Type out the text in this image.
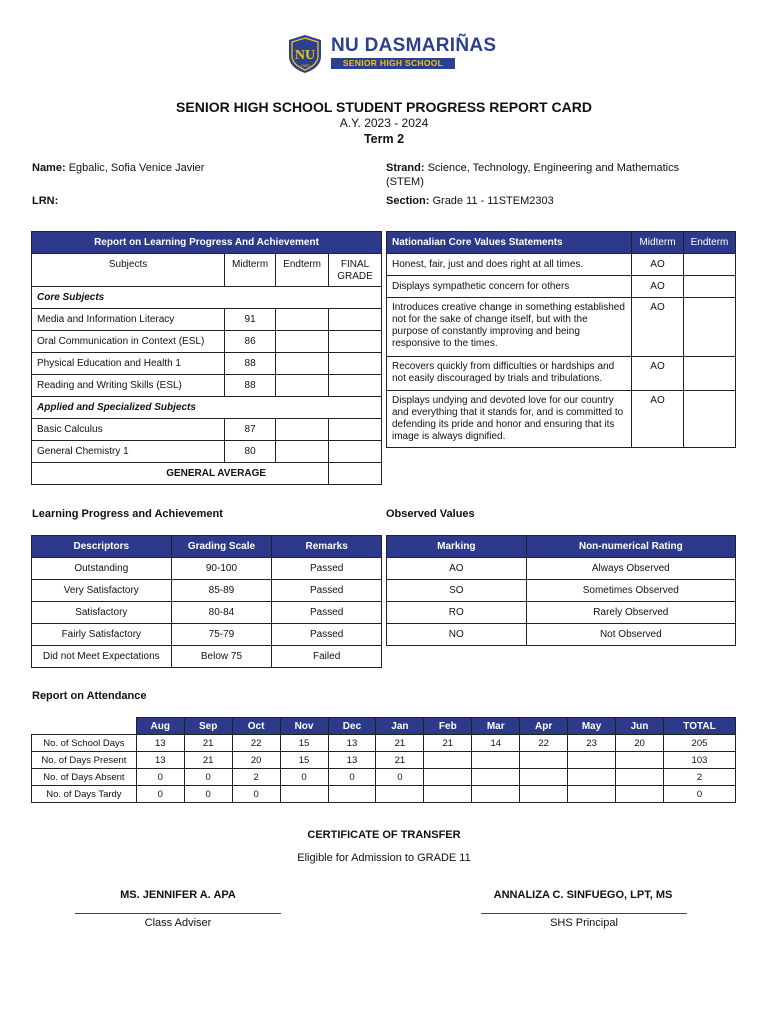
NU
1900
NU DASMARIÑAS
SENIOR HIGH SCHOOL
SENIOR HIGH SCHOOL STUDENT PROGRESS REPORT CARD
A.Y. 2023 - 2024
Term 2
Name: Egbalic, Sofia Venice Javier
LRN:
Strand: Science, Technology, Engineering and Mathematics
(STEM)
Section: Grade 11 - 11STEM2303
Report on Learning Progress And Achievement			
Subjects	Midterm	Endterm	FINAL GRADE
Core Subjects			
Media and Information Literacy	91		
Oral Communication in Context (ESL)	86		
Physical Education and Health 1	88		
Reading and Writing Skills (ESL)	88		
Applied and Specialized Subjects			
Basic Calculus	87		
General Chemistry 1	80		
GENERAL AVERAGE			
Nationalian Core Values Statements	Midterm	Endterm
Honest, fair, just and does right at all times.	AO	
Displays sympathetic concern for others	AO	
Introduces creative change in something established not for the sake of change itself, but with the purpose of constantly improving and being responsive to the times.	AO	
Recovers quickly from difficulties or hardships and not easily discouraged by trials and tribulations.	AO	
Displays undying and devoted love for our country and everything that it stands for, and is committed to defending its pride and honor and ensuring that its image is always dignified.	AO	
Learning Progress and Achievement	Observed Values
Descriptors	Grading Scale	Remarks
Outstanding	90-100	Passed
Very Satisfactory	85-89	Passed
Satisfactory	80-84	Passed
Fairly Satisfactory	75-79	Passed
Did not Meet Expectations	Below 75	Failed
Marking	Non-numerical Rating
AO	Always Observed
SO	Sometimes Observed
RO	Rarely Observed
NO	Not Observed
Report on Attendance
	Aug	Sep	Oct	Nov	Dec	Jan	Feb	Mar	Apr	May	Jun	TOTAL
No. of School Days	13	21	22	15	13	21	21	14	22	23	20	205
No. of Days Present	13	21	20	15	13	21						103
No. of Days Absent	0	0	2	0	0	0						2
No. of Days Tardy	0	0	0									0
CERTIFICATE OF TRANSFER
Eligible for Admission to GRADE 11
MS. JENNIFER A. APA
Class Adviser
ANNALIZA C. SINFUEGO, LPT, MS
SHS Principal
